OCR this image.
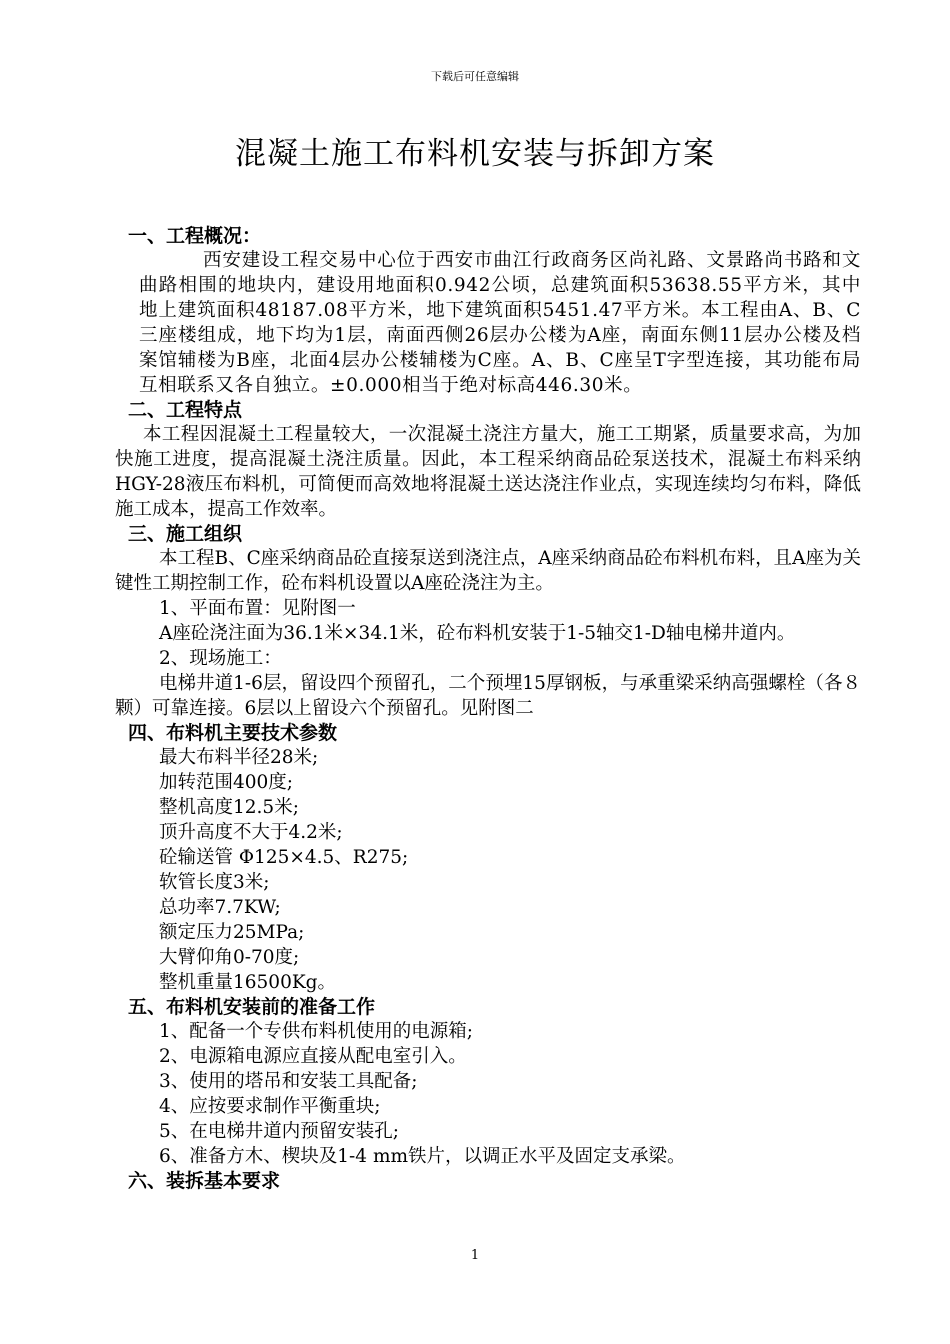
下载后可任意编辑
混凝土施工布料机安装与拆卸方案
一、工程概况：

西安建设工程交易中心位于西安市曲江行政商务区尚礼路、文景路尚书路和文曲路相围的地块内，建设用地面积0.942公顷，总建筑面积53638.55平方米，其中地上建筑面积48187.08平方米，地下建筑面积5451.47平方米。本工程由A、B、C三座楼组成，地下均为1层，南面西侧26层办公楼为A座，南面东侧11层办公楼及档案馆辅楼为B座，北面4层办公楼辅楼为C座。A、B、C座呈T字型连接，其功能布局互相联系又各自独立。±0.000相当于绝对标高446.30米。

二、工程特点

本工程因混凝土工程量较大，一次混凝土浇注方量大，施工工期紧，质量要求高，为加快施工进度，提高混凝土浇注质量。因此，本工程采纳商品砼泵送技术，混凝土布料采纳HGY-28液压布料机，可简便而高效地将混凝土送达浇注作业点，实现连续均匀布料，降低施工成本，提高工作效率。

三、施工组织

本工程B、C座采纳商品砼直接泵送到浇注点，A座采纳商品砼布料机布料，且A座为关键性工期控制工作，砼布料机设置以A座砼浇注为主。

1、平面布置：见附图一

A座砼浇注面为36.1米×34.1米，砼布料机安装于1-5轴交1-D轴电梯井道内。

2、现场施工：

电梯井道1-6层，留设四个预留孔，二个预埋15厚钢板，与承重梁采纳高强螺栓（各８颗）可靠连接。6层以上留设六个预留孔。见附图二

四、布料机主要技术参数

最大布料半径28米;

加转范围400度;

整机高度12.5米;

顶升高度不大于4.2米;

砼输送管 Φ125×4.5、R275;

软管长度3米;

总功率7.7KW;

额定压力25MPa;

大臂仰角0-70度;

整机重量16500Kg。

五、布料机安装前的准备工作

1、配备一个专供布料机使用的电源箱;

2、电源箱电源应直接从配电室引入。

3、使用的塔吊和安装工具配备;

4、应按要求制作平衡重块;

5、在电梯井道内预留安装孔;

6、准备方木、楔块及1-4 mm铁片，以调正水平及固定支承梁。

六、装拆基本要求
1
